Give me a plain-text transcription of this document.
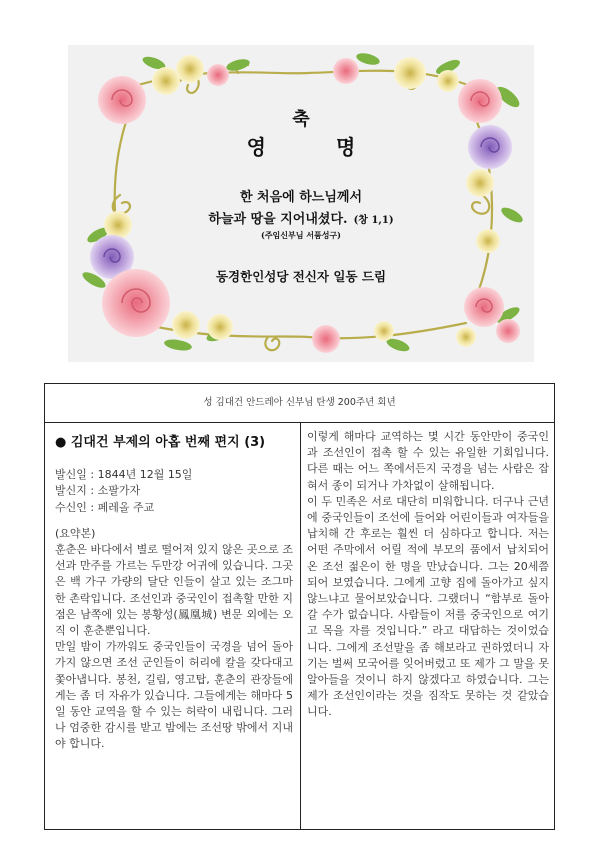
축
영	명
한 처음에 하느님께서
하늘과 땅을 지어내셨다. (창 1,1)
(주임신부님 서품성구)
동경한인성당 전신자 일동 드림
성 김대건 안드레아 신부님 탄생 200주년 회년

● 김대건 부제의 아홉 번째 편지 (3)

발신일 : 1844년 12월 15일

발신지 : 소팔가자

수신인 : 페레올 주교

(요약본)

훈춘은 바다에서 별로 떨어져 있지 않은 곳으로 조선과 만주를 가르는 두만강 어귀에 있습니다. 그곳은 백 가구 가량의 달단 인들이 살고 있는 조그마한 촌락입니다. 조선인과 중국인이 접촉할 만한 지점은 남쪽에 있는 봉황성(鳳凰城) 변문 외에는 오직 이 훈춘뿐입니다.

만일 밤이 가까워도 중국인들이 국경을 넘어 돌아가지 않으면 조선 군인들이 허리에 칼을 갖다대고 쫓아냅니다. 봉천, 길림, 영고탑, 훈춘의 관장들에게는 좀 더 자유가 있습니다. 그들에게는 해마다 5일 동안 교역을 할 수 있는 허락이 내립니다. 그러나 엄중한 감시를 받고 밤에는 조선땅 밖에서 지내야 합니다.

이렇게 해마다 교역하는 몇 시간 동안만이 중국인과 조선인이 접촉 할 수 있는 유일한 기회입니다. 다른 때는 어느 쪽에서든지 국경을 넘는 사람은 잡혀서 종이 되거나 가차없이 살해됩니다.

이 두 민족은 서로 대단히 미워합니다. 더구나 근년에 중국인들이 조선에 들어와 어린이들과 여자들을 납치해 간 후로는 훨씬 더 심하다고 합니다. 저는 어떤 주막에서 어릴 적에 부모의 품에서 납치되어 온 조선 젊은이 한 명을 만났습니다. 그는 20세쯤 되어 보였습니다. 그에게 고향 집에 돌아가고 싶지 않느냐고 물어보았습니다. 그랬더니 “함부로 돌아갈 수가 없습니다. 사람들이 저를 중국인으로 여기고 목을 자를 것입니다.” 라고 대답하는 것이었습니다. 그에게 조선말을 좀 해보라고 권하였더니 자기는 벌써 모국어를 잊어버렸고 또 제가 그 말을 못 알아들을 것이니 하지 않겠다고 하였습니다. 그는 제가 조선인이라는 것을 짐작도 못하는 것 같았습니다.
